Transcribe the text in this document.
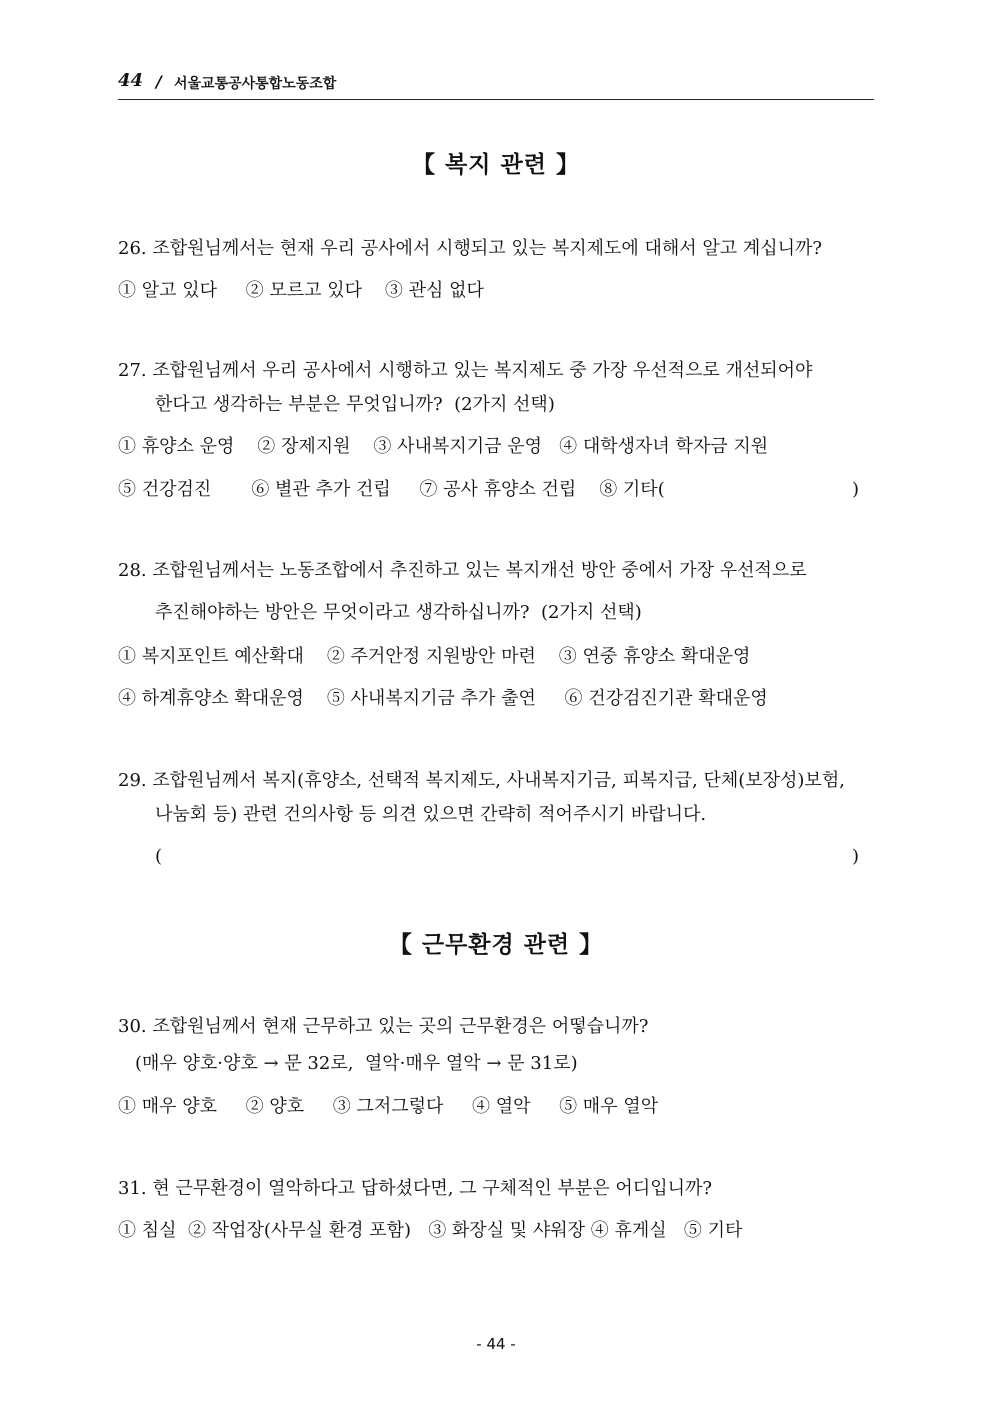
44 / 서울교통공사통합노동조합
【 복지 관련 】
26. 조합원님께서는 현재 우리 공사에서 시행되고 있는 복지제도에 대해서 알고 계십니까?
① 알고 있다     ② 모르고 있다    ③ 관심 없다
27. 조합원님께서 우리 공사에서 시행하고 있는 복지제도 중 가장 우선적으로 개선되어야
한다고 생각하는 부분은 무엇입니까?  (2가지 선택)
① 휴양소 운영    ② 장제지원    ③ 사내복지기금 운영   ④ 대학생자녀 학자금 지원
⑤ 건강검진       ⑥ 별관 추가 건립     ⑦ 공사 휴양소 건립    ⑧ 기타(	)
28. 조합원님께서는 노동조합에서 추진하고 있는 복지개선 방안 중에서 가장 우선적으로
추진해야하는 방안은 무엇이라고 생각하십니까?  (2가지 선택)
① 복지포인트 예산확대    ② 주거안정 지원방안 마련    ③ 연중 휴양소 확대운영
④ 하계휴양소 확대운영    ⑤ 사내복지기금 추가 출연     ⑥ 건강검진기관 확대운영
29. 조합원님께서 복지(휴양소, 선택적 복지제도, 사내복지기금, 피복지급, 단체(보장성)보험,
나눔회 등) 관련 건의사항 등 의견 있으면 간략히 적어주시기 바랍니다.
(	)
【 근무환경 관련 】
30. 조합원님께서 현재 근무하고 있는 곳의 근무환경은 어떻습니까?
(매우 양호·양호 → 문 32로,  열악·매우 열악 → 문 31로)
① 매우 양호     ② 양호     ③ 그저그렇다     ④ 열악     ⑤ 매우 열악
31. 현 근무환경이 열악하다고 답하셨다면, 그 구체적인 부분은 어디입니까?
① 침실  ② 작업장(사무실 환경 포함)   ③ 화장실 및 샤워장 ④ 휴게실   ⑤ 기타
- 44 -
